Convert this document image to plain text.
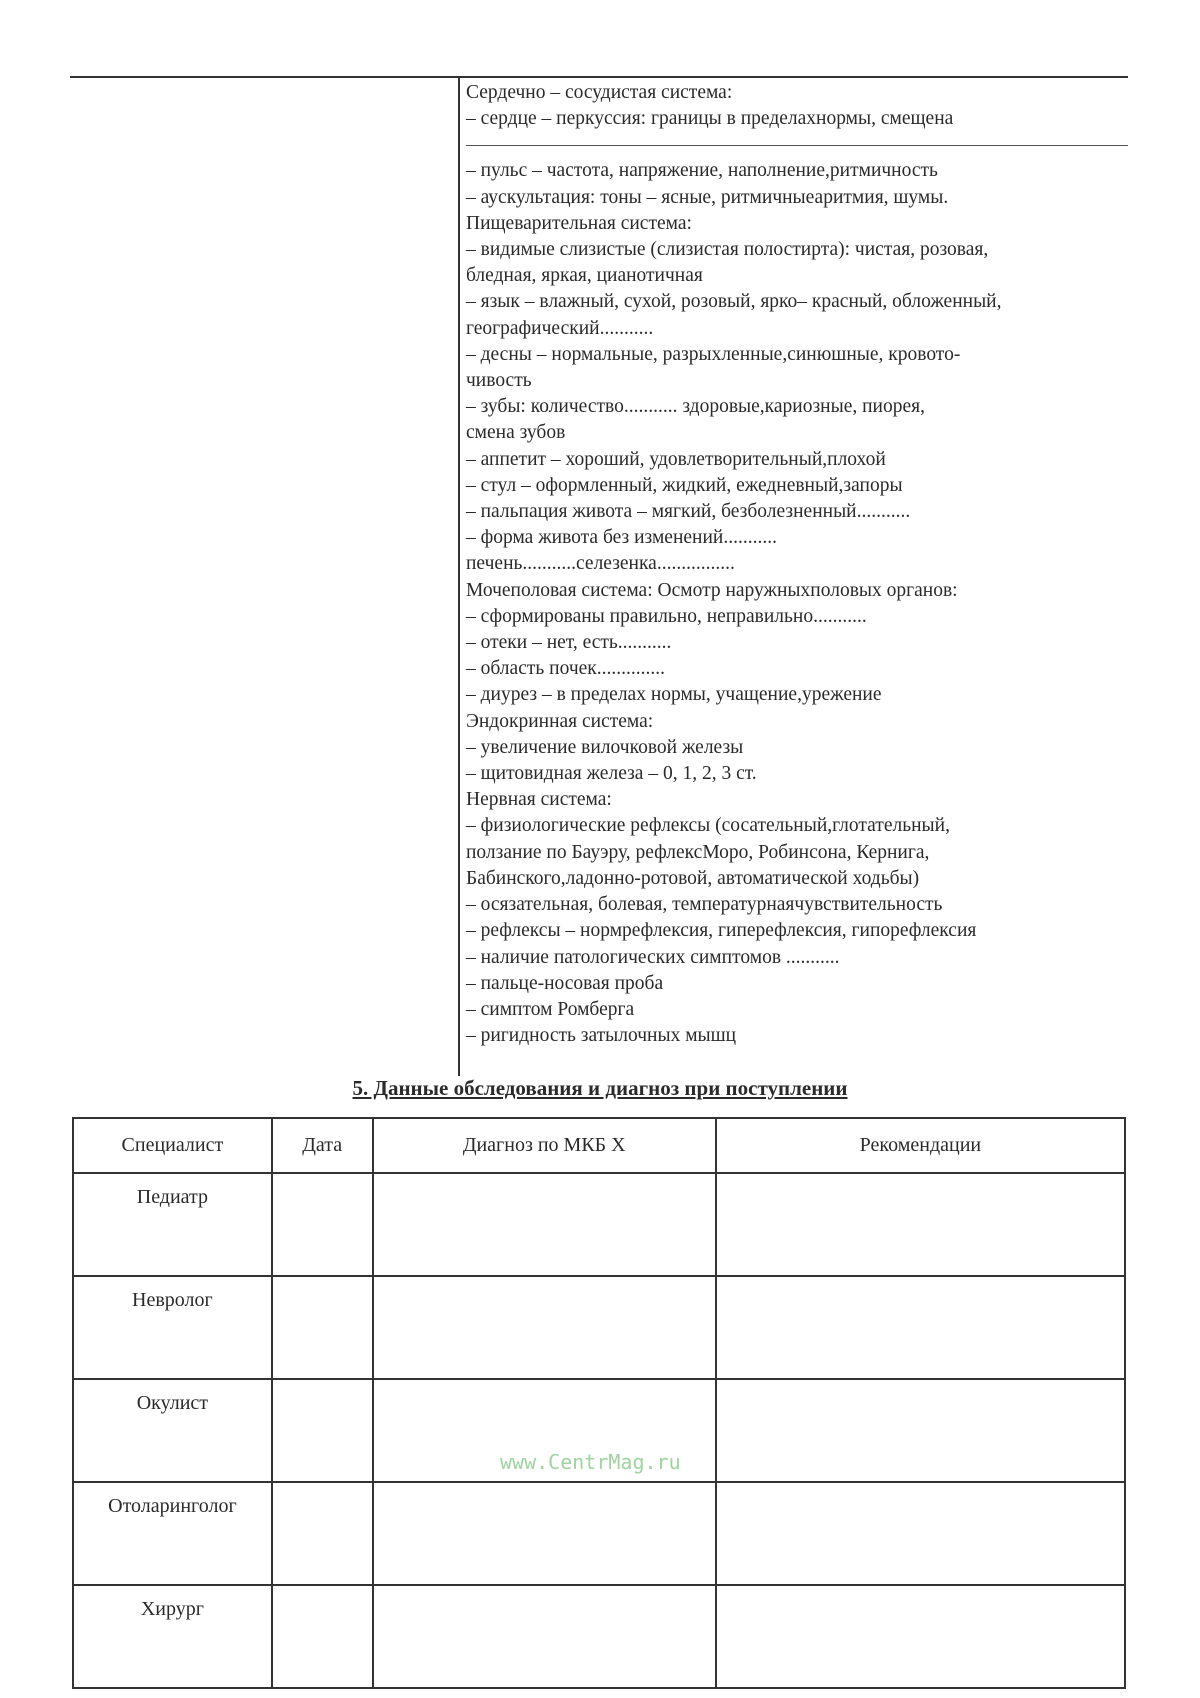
Сердечно – сосудистая система:
– сердце – перкуссия: границы в пределахнормы, смещена
– пульс – частота, напряжение, наполнение,ритмичность
– аускультация: тоны – ясные, ритмичныеаритмия, шумы.
Пищеварительная система:
– видимые слизистые (слизистая полостирта): чистая, розовая,
бледная, яркая, цианотичная
– язык – влажный, сухой, розовый, ярко– красный, обложенный,
географический...........
– десны – нормальные, разрыхленные,синюшные, кровото-
чивость
– зубы: количество........... здоровые,кариозные, пиорея,
смена зубов
– аппетит – хороший, удовлетворительный,плохой
– стул – оформленный, жидкий, ежедневный,запоры
– пальпация живота – мягкий, безболезненный...........
– форма живота без изменений...........
печень...........селезенка................
Мочеполовая система: Осмотр наружныхполовых органов:
– сформированы правильно, неправильно...........
– отеки – нет, есть...........
– область почек..............
– диурез – в пределах нормы, учащение,урежение
Эндокринная система:
– увеличение вилочковой железы
– щитовидная железа – 0, 1, 2, 3 ст.
Нервная система:
– физиологические рефлексы (сосательный,глотательный,
ползание по Бауэру, рефлексМоро, Робинсона, Кернига,
Бабинского,ладонно-ротовой, автоматической ходьбы)
– осязательная, болевая, температурнаячувствительность
– рефлексы – нормрефлексия, гиперефлексия, гипорефлексия
– наличие патологических симптомов ...........
– пальце-носовая проба
– симптом Ромберга
– ригидность затылочных мышц
5. Данные обследования и диагноз при поступлении
Специалист	Дата	Диагноз по МКБ X	Рекомендации
Педиатр			
Невролог			
Окулист			
Отоларинголог			
Хирург			
www.CentrMag.ru
